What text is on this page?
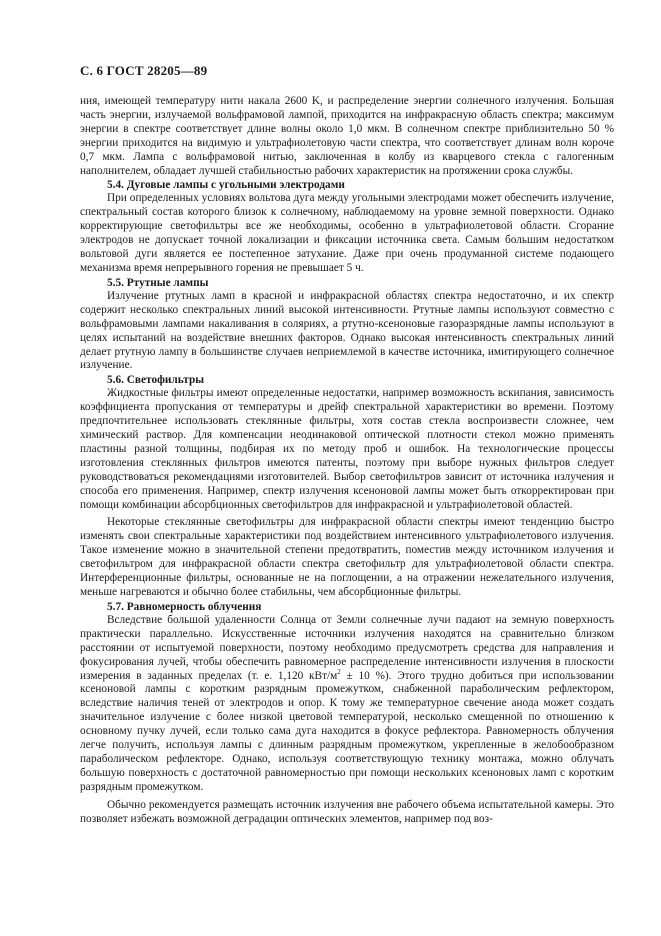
С. 6 ГОСТ 28205—89

ния, имеющей температуру нити накала 2600 K, и распределение энергии солнечного излучения. Большая часть энергии, излучаемой вольфрамовой лампой, приходится на инфракрасную область спектра; максимум энергии в спектре соответствует длине волны около 1,0 мкм. В солнечном спектре приблизительно 50 % энергии приходится на видимую и ультрафиолетовую части спектра, что соответствует длинам волн короче 0,7 мкм. Лампа с вольфрамовой нитью, заключенная в колбу из кварцевого стекла с галогенным наполнителем, обладает лучшей стабильностью рабочих характеристик на протяжении срока службы.

5.4. Дуговые лампы с угольными электродами

При определенных условиях вольтова дуга между угольными электродами может обеспечить излучение, спектральный состав которого близок к солнечному, наблюдаемому на уровне земной поверхности. Однако корректирующие светофильтры все же необходимы, особенно в ультрафиолетовой области. Сгорание электродов не допускает точной локализации и фиксации источника света. Самым большим недостатком вольтовой дуги является ее постепенное затухание. Даже при очень продуманной системе подающего механизма время непрерывного горения не превышает 5 ч.

5.5. Ртутные лампы

Излучение ртутных ламп в красной и инфракрасной областях спектра недостаточно, и их спектр содержит несколько спектральных линий высокой интенсивности. Ртутные лампы используют совместно с вольфрамовыми лампами накаливания в соляриях, а ртутно-ксеноновые газоразрядные лампы используют в целях испытаний на воздействие внешних факторов. Однако высокая интенсивность спектральных линий делает ртутную лампу в большинстве случаев неприемлемой в качестве источника, имитирующего солнечное излучение.

5.6. Светофильтры

Жидкостные фильтры имеют определенные недостатки, например возможность вскипания, зависимость коэффициента пропускания от температуры и дрейф спектральной характеристики во времени. Поэтому предпочтительнее использовать стеклянные фильтры, хотя состав стекла воспроизвести сложнее, чем химический раствор. Для компенсации неодинаковой оптической плотности стекол можно применять пластины разной толщины, подбирая их по методу проб и ошибок. На технологические процессы изготовления стеклянных фильтров имеются патенты, поэтому при выборе нужных фильтров следует руководствоваться рекомендациями изготовителей. Выбор светофильтров зависит от источника излучения и способа его применения. Например, спектр излучения ксеноновой лампы может быть откорректирован при помощи комбинации абсорбционных светофильтров для инфракрасной и ультрафиолетовой областей.

Некоторые стеклянные светофильтры для инфракрасной области спектры имеют тенденцию быстро изменять свои спектральные характеристики под воздействием интенсивного ультрафиолетового излучения. Такое изменение можно в значительной степени предотвратить, поместив между источником излучения и светофильтром для инфракрасной области спектра светофильтр для ультрафиолетовой области спектра. Интерференционные фильтры, основанные не на поглощении, а на отражении нежелательного излучения, меньше нагреваются и обычно более стабильны, чем абсорбционные фильтры.

5.7. Равномерность облучения

Вследствие большой удаленности Солнца от Земли солнечные лучи падают на земную поверхность практически параллельно. Искусственные источники излучения находятся на сравнительно близком расстоянии от испытуемой поверхности, поэтому необходимо предусмотреть средства для направления и фокусирования лучей, чтобы обеспечить равномерное распределение интенсивности излучения в плоскости измерения в заданных пределах (т. е. 1,120 кВт/$м^2 \pm 10$ %). Этого трудно добиться при использовании ксеноновой лампы с коротким разрядным промежутком, снабженной параболическим рефлектором, вследствие наличия теней от электродов и опор. К тому же температурное свечение анода может создать значительное излучение с более низкой цветовой температурой, несколько смещенной по отношению к основному пучку лучей, если только сама дуга находится в фокусе рефлектора. Равномерность облучения легче получить, используя лампы с длинным разрядным промежутком, укрепленные в желобообразном параболическом рефлекторе. Однако, используя соответствующую технику монтажа, можно облучать большую поверхность с достаточной равномерностью при помощи нескольких ксеноновых ламп с коротким разрядным промежутком.

Обычно рекомендуется размещать источник излучения вне рабочего объема испытательной камеры. Это позволяет избежать возможной деградации оптических элементов, например под воз-
